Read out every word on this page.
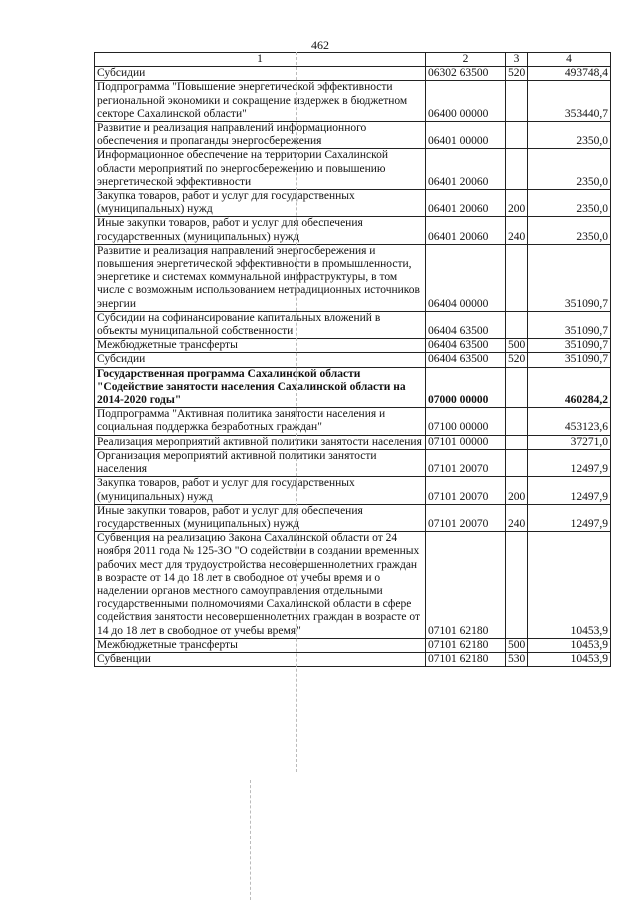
462
1	2	3	4
Субсидии	06302 63500	520	493748,4
Подпрограмма "Повышение энергетической эффективности региональной экономики и сокращение издержек в бюджетном секторе Сахалинской области"	06400 00000		353440,7
Развитие и реализация направлений информационного обеспечения и пропаганды энергосбережения	06401 00000		2350,0
Информационное обеспечение на территории Сахалинской области мероприятий по энергосбережению и повышению энергетической эффективности	06401 20060		2350,0
Закупка товаров, работ и услуг для государственных (муниципальных) нужд	06401 20060	200	2350,0
Иные закупки товаров, работ и услуг для обеспечения государственных (муниципальных) нужд	06401 20060	240	2350,0
Развитие и реализация направлений энергосбережения и повышения энергетической эффективности в промышленности, энергетике и системах коммунальной инфраструктуры, в том числе с возможным использованием нетрадиционных источников энергии	06404 00000		351090,7
Субсидии на софинансирование капитальных вложений в объекты муниципальной собственности	06404 63500		351090,7
Межбюджетные трансферты	06404 63500	500	351090,7
Субсидии	06404 63500	520	351090,7
Государственная программа Сахалинской области "Содействие занятости населения Сахалинской области на 2014-2020 годы"	07000 00000		460284,2
Подпрограмма "Активная политика занятости населения и социальная поддержка безработных граждан"	07100 00000		453123,6
Реализация мероприятий активной политики занятости населения	07101 00000		37271,0
Организация мероприятий активной политики занятости населения	07101 20070		12497,9
Закупка товаров, работ и услуг для государственных (муниципальных) нужд	07101 20070	200	12497,9
Иные закупки товаров, работ и услуг для обеспечения государственных (муниципальных) нужд	07101 20070	240	12497,9
Субвенция на реализацию Закона Сахалинской области от 24 ноября 2011 года № 125-ЗО "О содействии в создании временных рабочих мест для трудоустройства несовершеннолетних граждан в возрасте от 14 до 18 лет в свободное от учебы время и о наделении органов местного самоуправления отдельными государственными полномочиями Сахалинской области в сфере содействия занятости несовершеннолетних граждан в возрасте от 14 до 18 лет в свободное от учебы время"	07101 62180		10453,9
Межбюджетные трансферты	07101 62180	500	10453,9
Субвенции	07101 62180	530	10453,9
